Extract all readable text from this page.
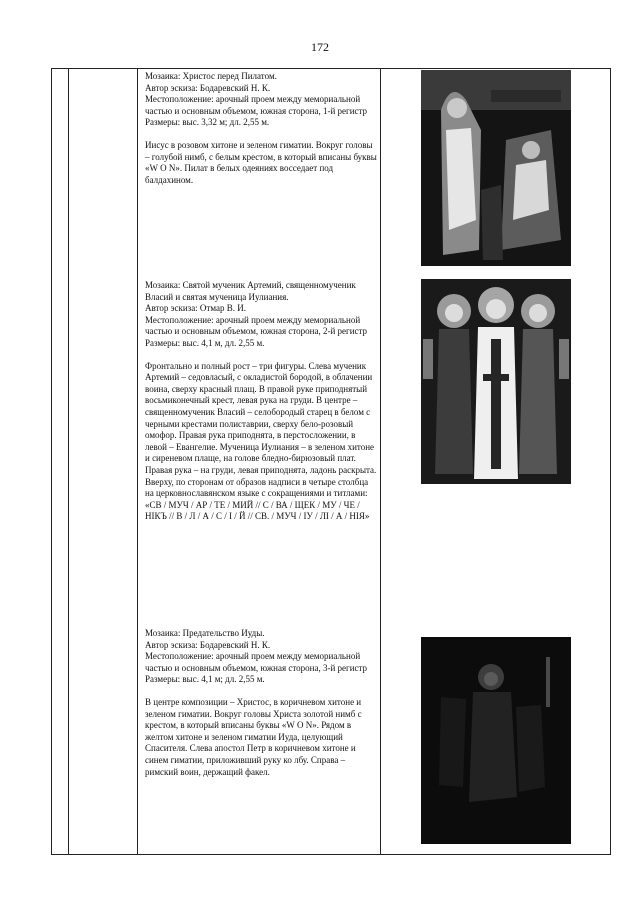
172

Мозаика: Христос перед Пилатом.

Автор эскиза: Бодаревский Н. К.

Местоположение: арочный проем между мемориальной частью и основным объемом, южная сторона, 1-й регистр Размеры: выс. 3,32 м; дл. 2,55 м.

Иисус в розовом хитоне и зеленом гиматии. Вокруг головы – голубой нимб, с белым крестом, в который вписаны буквы «W O N». Пилат в белых одеяниях восседает под балдахином.

Мозаика: Святой мученик Артемий, священномученик Власий и святая мученица Иулиания.

Автор эскиза: Отмар В. И.

Местоположение: арочный проем между мемориальной частью и основным объемом, южная сторона, 2-й регистр Размеры: выс. 4,1 м, дл. 2,55 м.

Фронтально и полный рост – три фигуры. Слева мученик Артемий – седовласый, с окладистой бородой, в облачении воина, сверху красный плащ. В правой руке приподнятый восьмиконечный крест, левая рука на груди. В центре – священномученик Власий – селобородый старец в белом с черными крестами полиставрии, сверху бело-розовый омофор. Правая рука приподнята, в перстосложении, в левой – Евангелие. Мученица Иулиания – в зеленом хитоне и сиреневом плаще, на голове бледно-бирюзовый плат. Правая рука – на груди, левая приподнята, ладонь раскрыта. Вверху, по сторонам от образов надписи в четыре столбца на церковнославянском языке с сокращениями и титлами: «СВ / МУЧ / АР / ТЕ / МИЙ // С / ВА / ЩЕК / МУ / ЧЕ / НІКЪ // В / Л / А / С / І / Й // СВ. / МУЧ / ІУ / ЛІ / А / НІЯ»

Мозаика: Предательство Иуды.

Автор эскиза: Бодаревский Н. К.

Местоположение: арочный проем между мемориальной частью и основным объемом, южная сторона, 3-й регистр

Размеры: выс. 4,1 м; дл. 2,55 м.

В центре композиции – Христос, в коричневом хитоне и зеленом гиматии. Вокруг головы Христа золотой нимб с крестом, в который вписаны буквы «W O N». Рядом в желтом хитоне и зеленом гиматии Иуда, целующий Спасителя. Слева апостол Петр в коричневом хитоне и синем гиматии, приложивший руку ко лбу. Справа – римский воин, держащий факел.
